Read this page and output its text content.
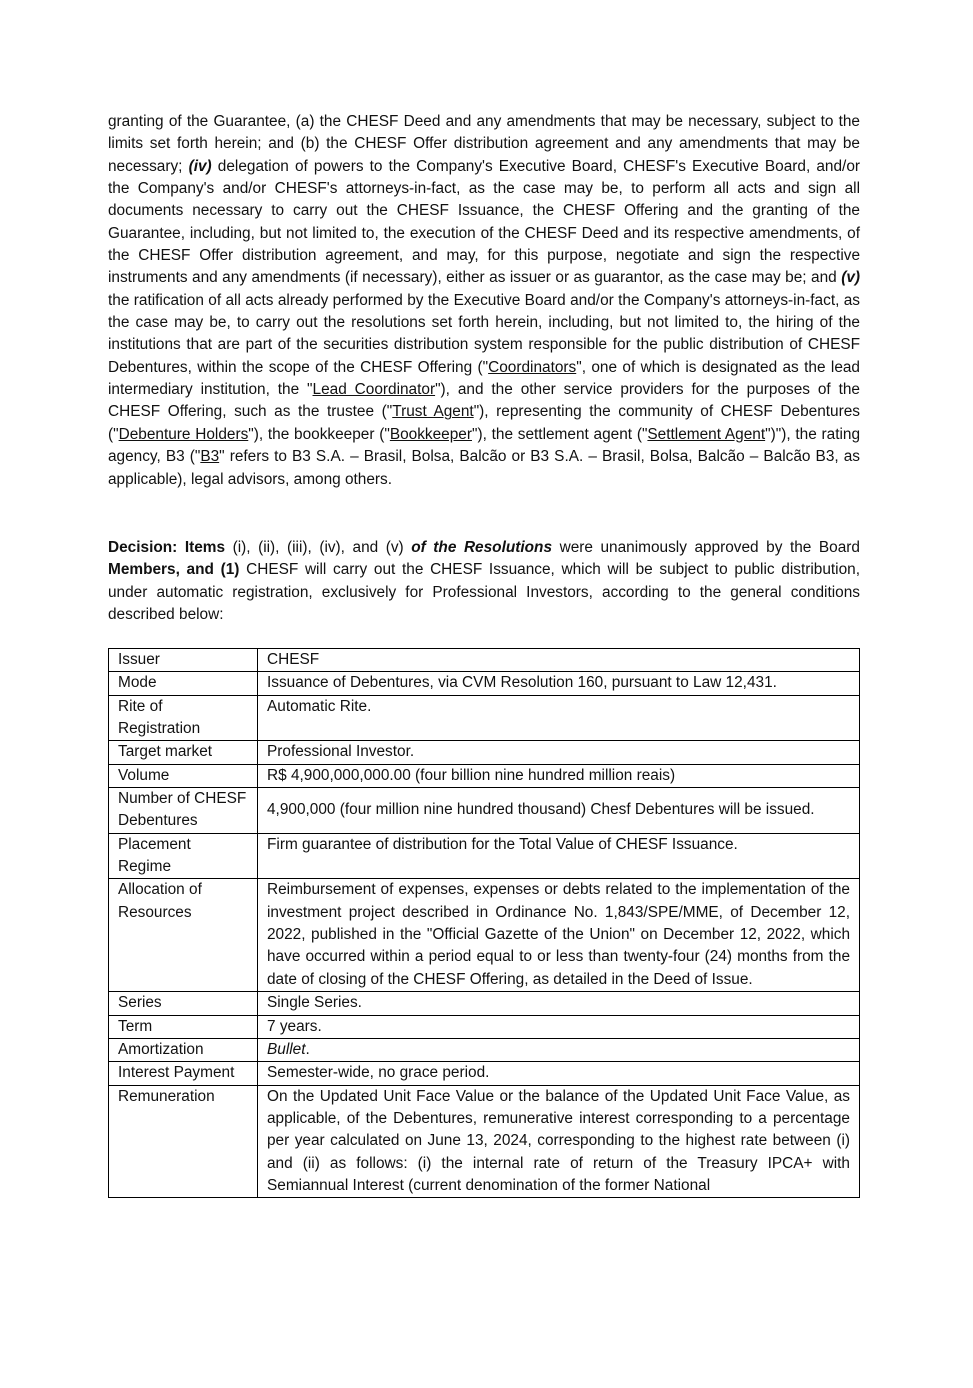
granting of the Guarantee, (a) the CHESF Deed and any amendments that may be necessary, subject to the limits set forth herein; and (b) the CHESF Offer distribution agreement and any amendments that may be necessary; (iv) delegation of powers to the Company's Executive Board, CHESF's Executive Board, and/or the Company's and/or CHESF's attorneys-in-fact, as the case may be, to perform all acts and sign all documents necessary to carry out the CHESF Issuance, the CHESF Offering and the granting of the Guarantee, including, but not limited to, the execution of the CHESF Deed and its respective amendments, of the CHESF Offer distribution agreement, and may, for this purpose, negotiate and sign the respective instruments and any amendments (if necessary), either as issuer or as guarantor, as the case may be; and (v) the ratification of all acts already performed by the Executive Board and/or the Company's attorneys-in-fact, as the case may be, to carry out the resolutions set forth herein, including, but not limited to, the hiring of the institutions that are part of the securities distribution system responsible for the public distribution of CHESF Debentures, within the scope of the CHESF Offering ("Coordinators", one of which is designated as the lead intermediary institution, the "Lead Coordinator"), and the other service providers for the purposes of the CHESF Offering, such as the trustee ("Trust Agent"), representing the community of CHESF Debentures ("Debenture Holders"), the bookkeeper ("Bookkeeper"), the settlement agent ("Settlement Agent")"), the rating agency, B3 ("B3" refers to B3 S.A. – Brasil, Bolsa, Balcão or B3 S.A. – Brasil, Bolsa, Balcão – Balcão B3, as applicable), legal advisors, among others.

Decision: Items (i), (ii), (iii), (iv), and (v) of the Resolutions were unanimously approved by the Board Members, and (1) CHESF will carry out the CHESF Issuance, which will be subject to public distribution, under automatic registration, exclusively for Professional Investors, according to the general conditions described below:

Issuer	CHESF
Mode	Issuance of Debentures, via CVM Resolution 160, pursuant to Law 12,431.
Rite of Registration	Automatic Rite.
Target market	Professional Investor.
Volume	R$ 4,900,000,000.00 (four billion nine hundred million reais)
Number of CHESF Debentures	4,900,000 (four million nine hundred thousand) Chesf Debentures will be issued.
Placement Regime	Firm guarantee of distribution for the Total Value of CHESF Issuance.
Allocation of Resources	Reimbursement of expenses, expenses or debts related to the implementation of the investment project described in Ordinance No. 1,843/SPE/MME, of December 12, 2022, published in the "Official Gazette of the Union" on December 12, 2022, which have occurred within a period equal to or less than twenty-four (24) months from the date of closing of the CHESF Offering, as detailed in the Deed of Issue.
Series	Single Series.
Term	7 years.
Amortization	Bullet.
Interest Payment	Semester-wide, no grace period.
Remuneration	On the Updated Unit Face Value or the balance of the Updated Unit Face Value, as applicable, of the Debentures, remunerative interest corresponding to a percentage per year calculated on June 13, 2024, corresponding to the highest rate between (i) and (ii) as follows: (i) the internal rate of return of the Treasury IPCA+ with Semiannual Interest (current denomination of the former National
